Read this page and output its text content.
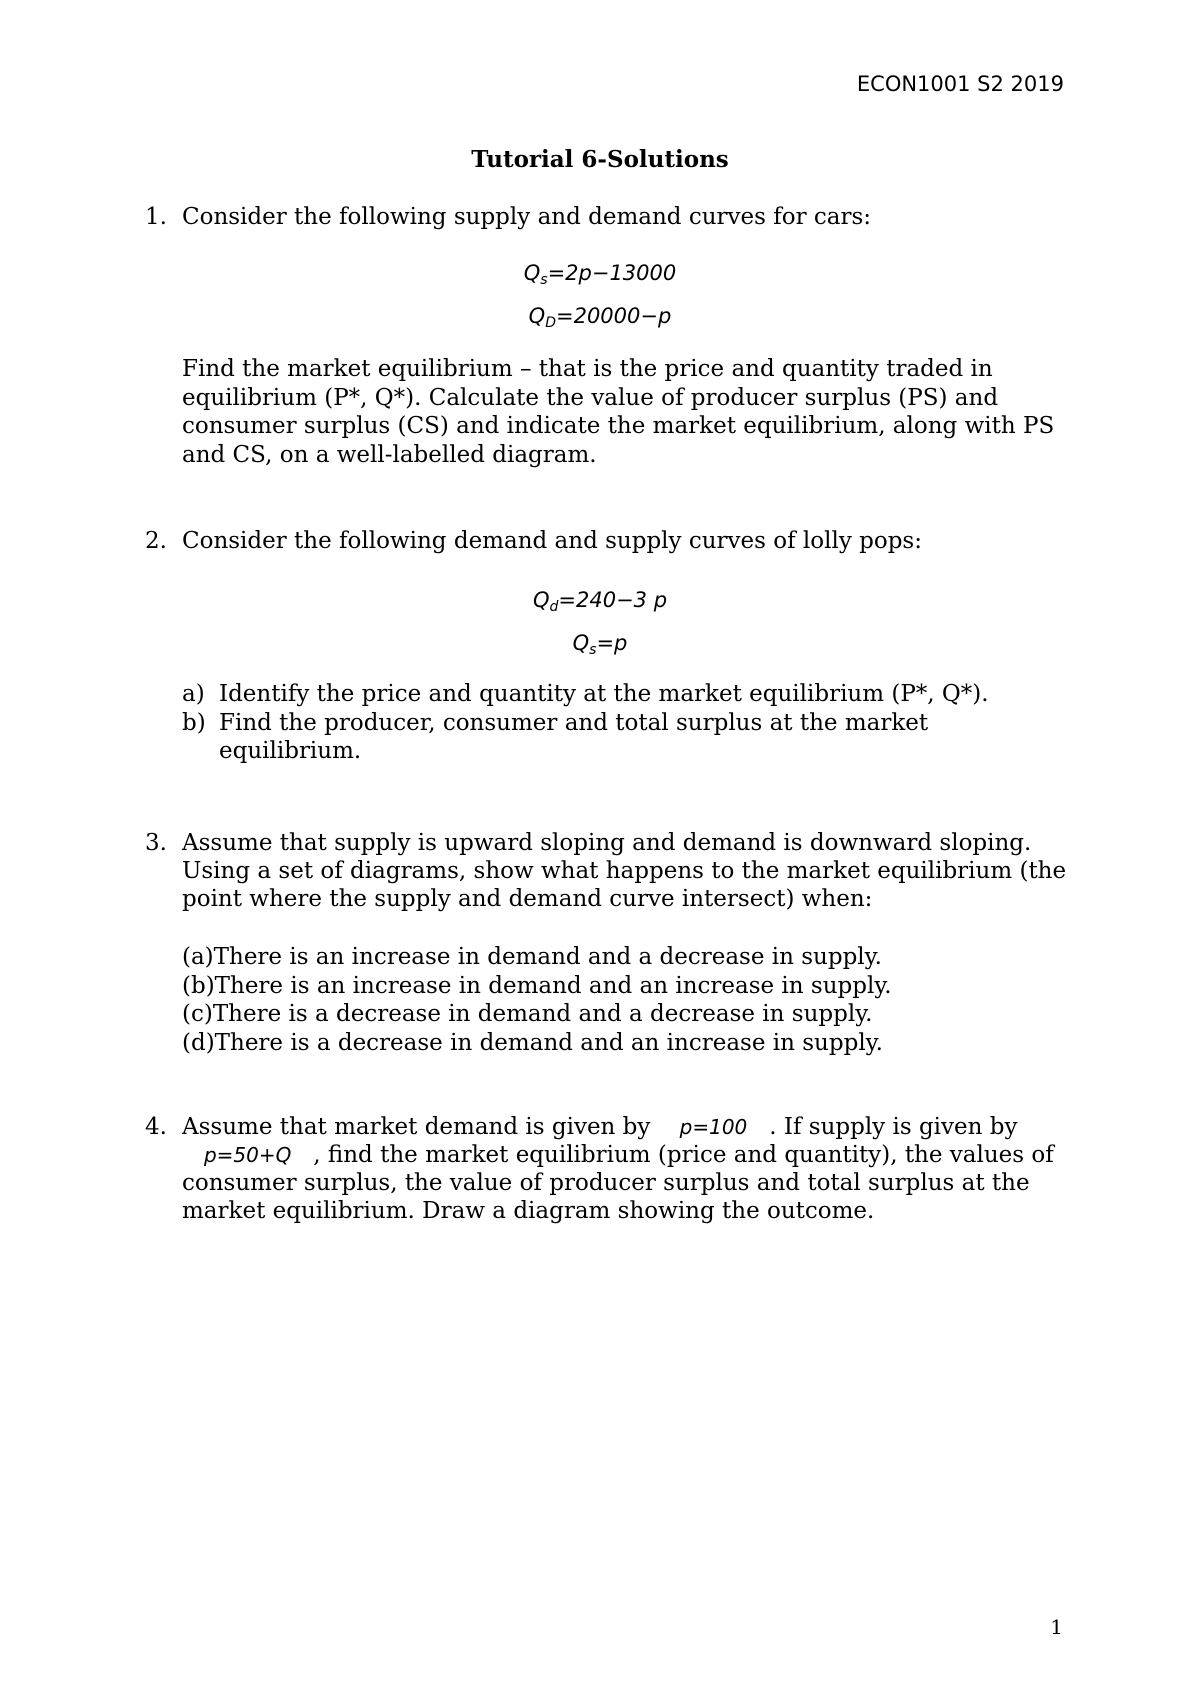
ECON1001 S2 2019
Tutorial 6-Solutions
1. Consider the following supply and demand curves for cars:
$Q_s=2p-13000$
$Q_D=20000-p$
Find the market equilibrium – that is the price and quantity traded in equilibrium (P*, Q*). Calculate the value of producer surplus (PS) and consumer surplus (CS) and indicate the market equilibrium, along with PS and CS, on a well-labelled diagram.
2. Consider the following demand and supply curves of lolly pops:
$Q_d=240-3$ p
$Q_s=p$
a) Identify the price and quantity at the market equilibrium (P*, Q*).
b) Find the producer, consumer and total surplus at the market equilibrium.
3. Assume that supply is upward sloping and demand is downward sloping. Using a set of diagrams, show what happens to the market equilibrium (the point where the supply and demand curve intersect) when:
(a)There is an increase in demand and a decrease in supply.
(b)There is an increase in demand and an increase in supply.
(c)There is a decrease in demand and a decrease in supply.
(d)There is a decrease in demand and an increase in supply.
4. Assume that market demand is given by p=100 . If supply is given by
p=50+Q , find the market equilibrium (price and quantity), the values of consumer surplus, the value of producer surplus and total surplus at the market equilibrium. Draw a diagram showing the outcome.
1
